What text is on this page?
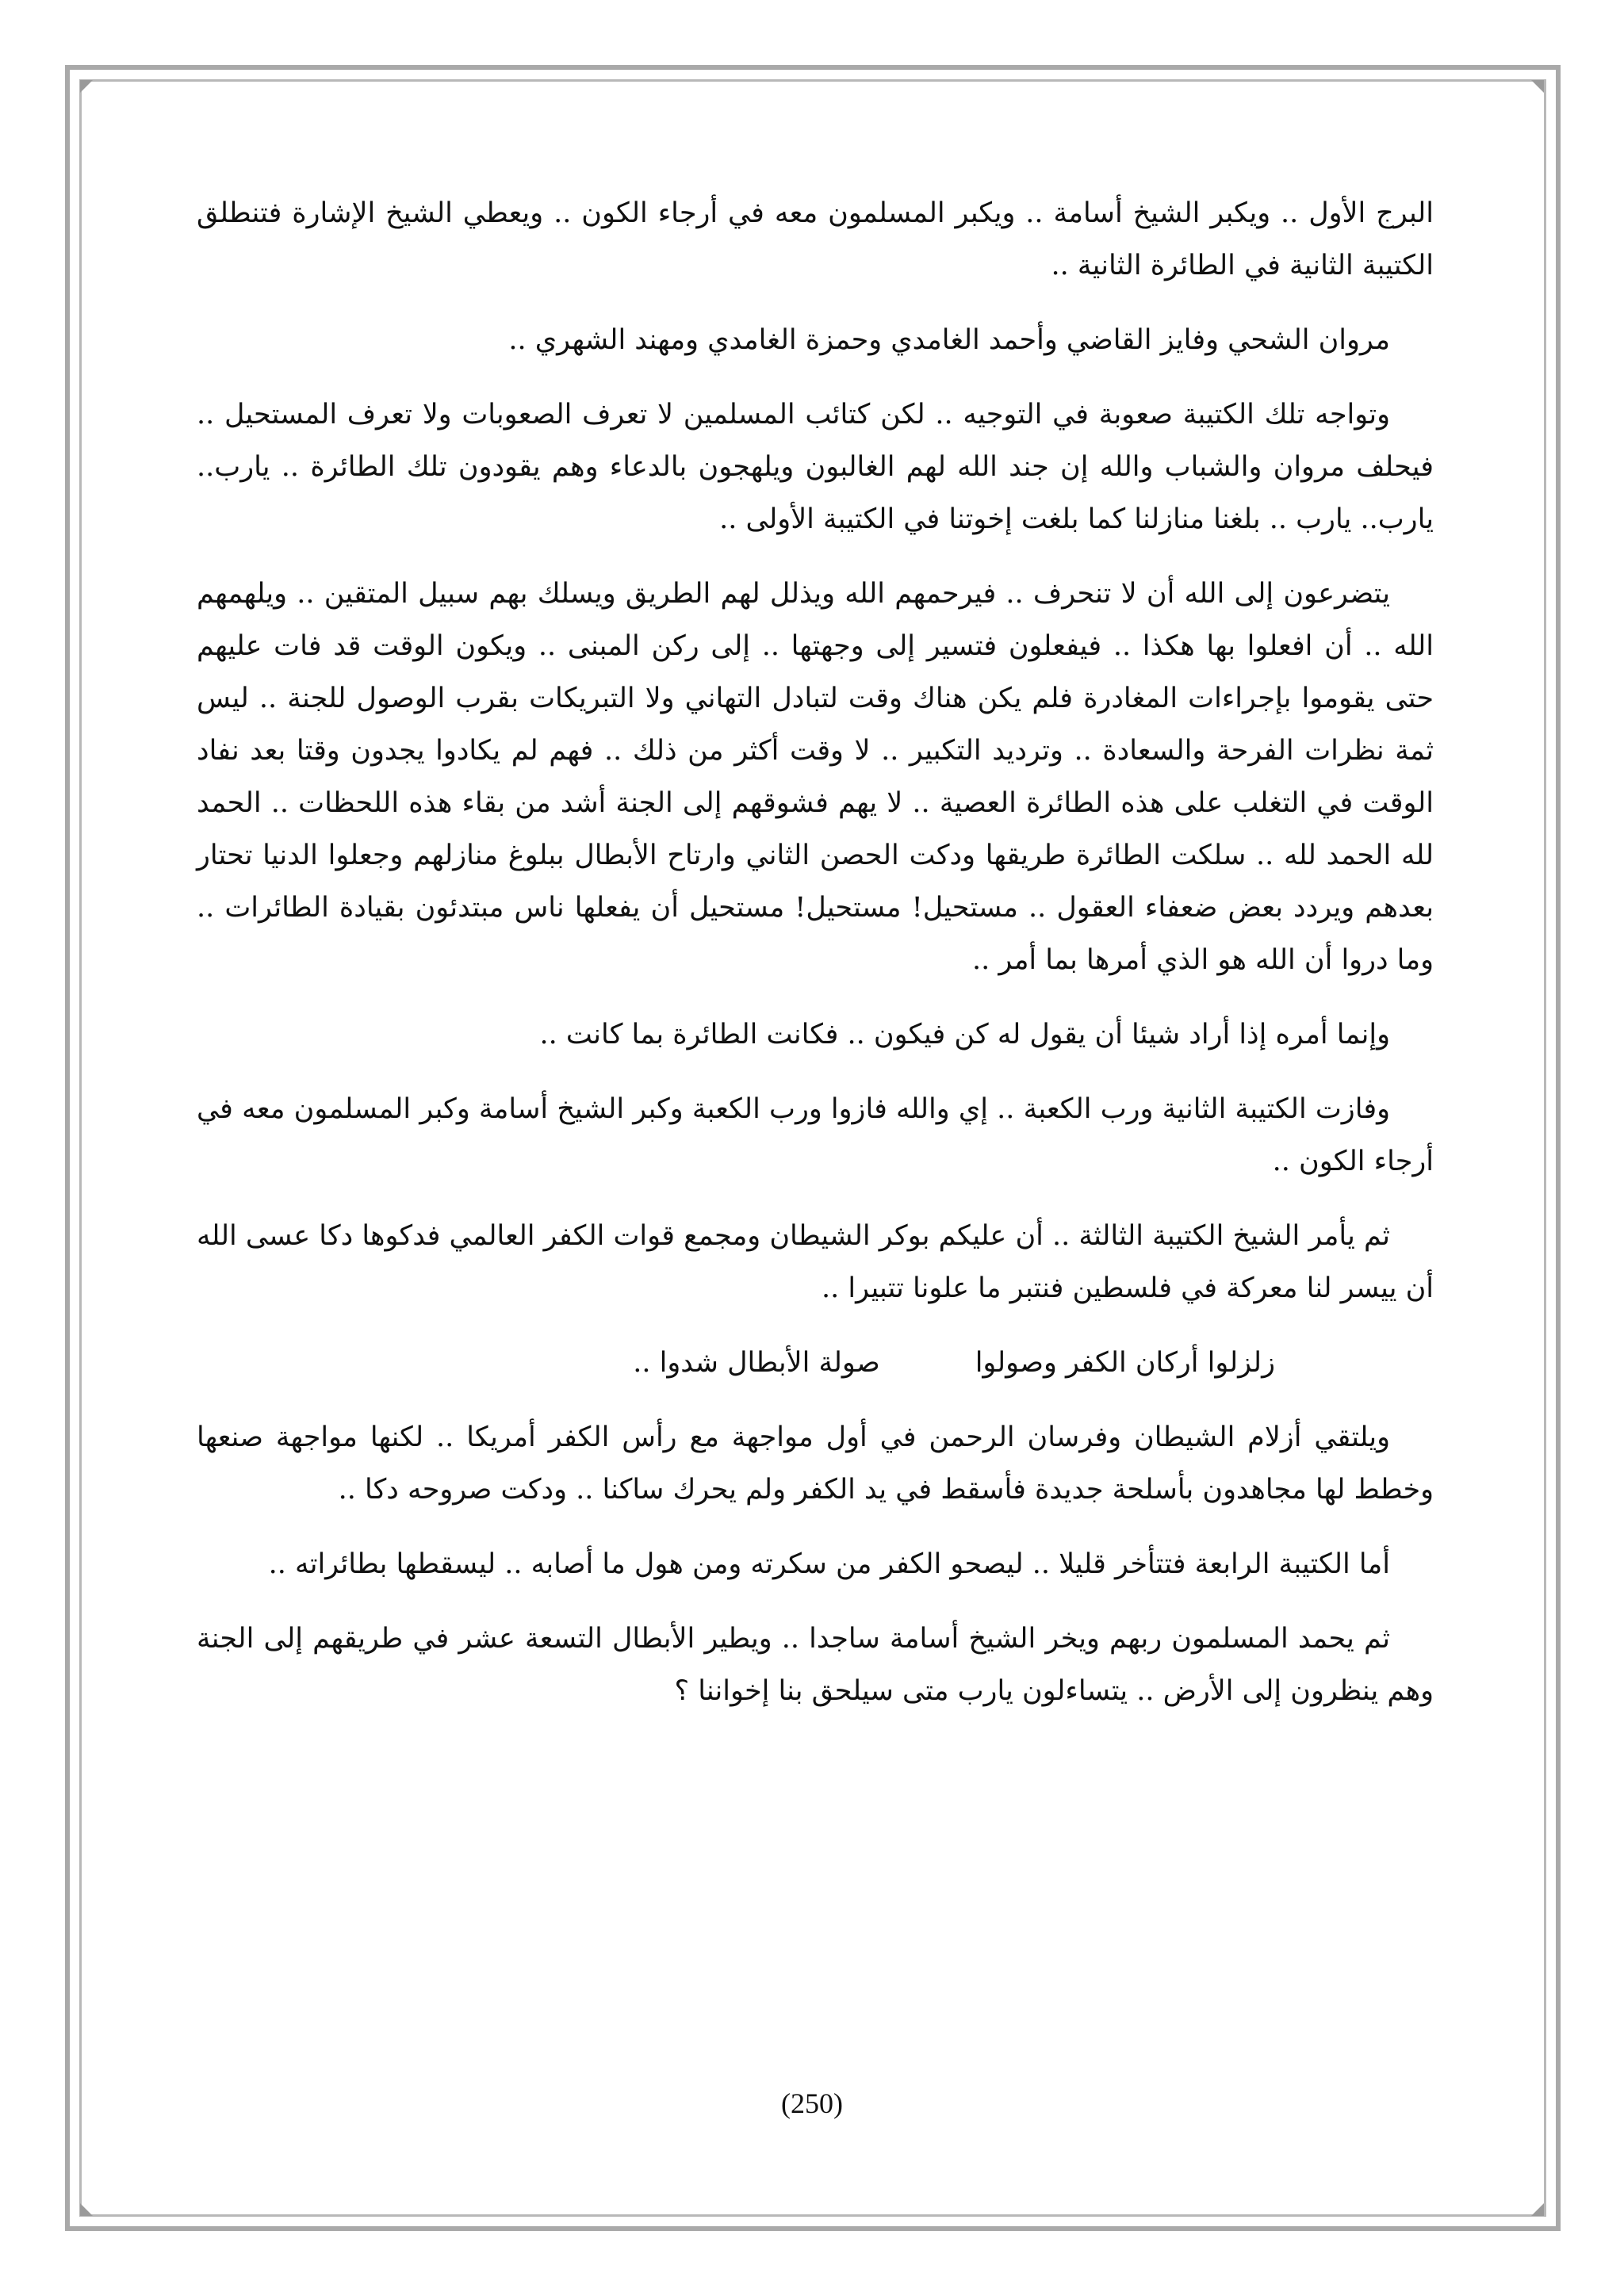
البرج الأول .. ويكبر الشيخ أسامة .. ويكبر المسلمون معه في أرجاء الكون .. ويعطي الشيخ الإشارة فتنطلق الكتيبة الثانية في الطائرة الثانية ..

مروان الشحي وفايز القاضي وأحمد الغامدي وحمزة الغامدي ومهند الشهري ..

وتواجه تلك الكتيبة صعوبة في التوجيه .. لكن كتائب المسلمين لا تعرف الصعوبات ولا تعرف المستحيل .. فيحلف مروان والشباب والله إن جند الله لهم الغالبون ويلهجون بالدعاء وهم يقودون تلك الطائرة .. يارب.. يارب.. يارب .. بلغنا منازلنا كما بلغت إخوتنا في الكتيبة الأولى ..

يتضرعون إلى الله أن لا تنحرف .. فيرحمهم الله ويذلل لهم الطريق ويسلك بهم سبيل المتقين .. ويلهمهم الله .. أن افعلوا بها هكذا .. فيفعلون فتسير إلى وجهتها .. إلى ركن المبنى .. ويكون الوقت قد فات عليهم حتى يقوموا بإجراءات المغادرة فلم يكن هناك وقت لتبادل التهاني ولا التبريكات بقرب الوصول للجنة .. ليس ثمة نظرات الفرحة والسعادة .. وترديد التكبير .. لا وقت أكثر من ذلك .. فهم لم يكادوا يجدون وقتا بعد نفاد الوقت في التغلب على هذه الطائرة العصية .. لا يهم فشوقهم إلى الجنة أشد من بقاء هذه اللحظات .. الحمد لله الحمد لله .. سلكت الطائرة طريقها ودكت الحصن الثاني وارتاح الأبطال ببلوغ منازلهم وجعلوا الدنيا تحتار بعدهم ويردد بعض ضعفاء العقول .. مستحيل! مستحيل! مستحيل أن يفعلها ناس مبتدئون بقيادة الطائرات .. وما دروا أن الله هو الذي أمرها بما أمر ..

وإنما أمره إذا أراد شيئا أن يقول له كن فيكون .. فكانت الطائرة بما كانت ..

وفازت الكتيبة الثانية ورب الكعبة .. إي والله فازوا ورب الكعبة وكبر الشيخ أسامة وكبر المسلمون معه في أرجاء الكون ..

ثم يأمر الشيخ الكتيبة الثالثة .. أن عليكم بوكر الشيطان ومجمع قوات الكفر العالمي فدكوها دكا عسى الله أن ييسر لنا معركة في فلسطين فنتبر ما علونا تتبيرا ..

زلزلوا أركان الكفر وصولوا
صولة الأبطال شدوا ..

ويلتقي أزلام الشيطان وفرسان الرحمن في أول مواجهة مع رأس الكفر أمريكا .. لكنها مواجهة صنعها وخطط لها مجاهدون بأسلحة جديدة فأسقط في يد الكفر ولم يحرك ساكنا .. ودكت صروحه دكا ..

أما الكتيبة الرابعة فتتأخر قليلا .. ليصحو الكفر من سكرته ومن هول ما أصابه .. ليسقطها بطائراته ..

ثم يحمد المسلمون ربهم ويخر الشيخ أسامة ساجدا .. ويطير الأبطال التسعة عشر في طريقهم إلى الجنة وهم ينظرون إلى الأرض .. يتساءلون يارب متى سيلحق بنا إخواننا ؟

(250)
